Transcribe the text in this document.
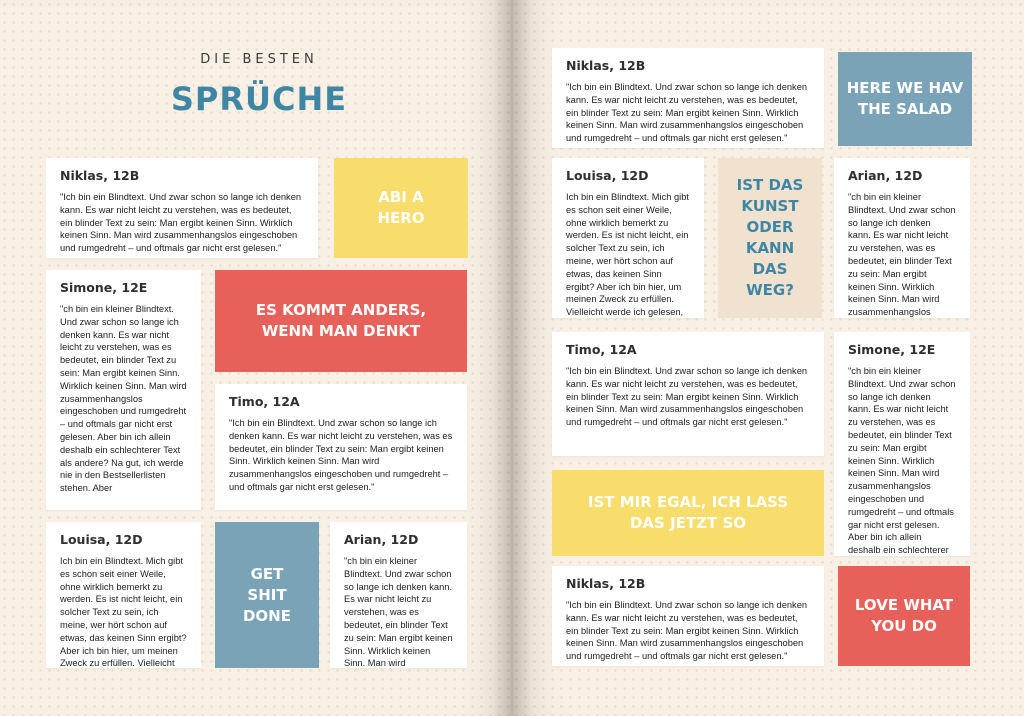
DIE BESTEN
SPRÜCHE
Niklas, 12B

"Ich bin ein Blindtext. Und zwar schon so lange ich denken kann. Es war nicht leicht zu verstehen, was es bedeutet, ein blinder Text zu sein: Man ergibt keinen Sinn. Wirklich keinen Sinn. Man wird zusammenhangslos eingeschoben und rumgedreht – und oftmals gar nicht erst gelesen."

ABI A HERO
Simone, 12E

"ch bin ein kleiner Blindtext. Und zwar schon so lange ich denken kann. Es war nicht leicht zu verstehen, was es bedeutet, ein blinder Text zu sein: Man ergibt keinen Sinn. Wirklich keinen Sinn. Man wird zusammenhangslos eingeschoben und rumgedreht – und oftmals gar nicht erst gelesen. Aber bin ich allein deshalb ein schlechterer Text als andere? Na gut, ich werde nie in den Bestsellerlisten stehen. Aber

ES KOMMT ANDERS, WENN MAN DENKT
Timo, 12A

"Ich bin ein Blindtext. Und zwar schon so lange ich denken kann. Es war nicht leicht zu verstehen, was es bedeutet, ein blinder Text zu sein: Man ergibt keinen Sinn. Wirklich keinen Sinn. Man wird zusammenhangslos eingeschoben und rumgedreht – und oftmals gar nicht erst gelesen."

Louisa, 12D

Ich bin ein Blindtext. Mich gibt es schon seit einer Weile, ohne wirklich bemerkt zu werden. Es ist nicht leicht, ein solcher Text zu sein, ich meine, wer hört schon auf etwas, das keinen Sinn ergibt? Aber ich bin hier, um meinen Zweck zu erfüllen. Vielleicht

GET SHIT DONE
Arian, 12D

"ch bin ein kleiner Blindtext. Und zwar schon so lange ich denken kann. Es war nicht leicht zu verstehen, was es bedeutet, ein blinder Text zu sein: Man ergibt keinen Sinn. Wirklich keinen Sinn. Man wird

Niklas, 12B

"Ich bin ein Blindtext. Und zwar schon so lange ich denken kann. Es war nicht leicht zu verstehen, was es bedeutet, ein blinder Text zu sein: Man ergibt keinen Sinn. Wirklich keinen Sinn. Man wird zusammenhangslos eingeschoben und rumgedreht – und oftmals gar nicht erst gelesen."

HERE WE HAV THE SALAD
Louisa, 12D

Ich bin ein Blindtext. Mich gibt es schon seit einer Weile, ohne wirklich bemerkt zu werden. Es ist nicht leicht, ein solcher Text zu sein, ich meine, wer hört schon auf etwas, das keinen Sinn ergibt? Aber ich bin hier, um meinen Zweck zu erfüllen. Vielleicht werde ich gelesen,

IST DAS KUNST ODER KANN DAS WEG?
Arian, 12D

"ch bin ein kleiner Blindtext. Und zwar schon so lange ich denken kann. Es war nicht leicht zu verstehen, was es bedeutet, ein blinder Text zu sein: Man ergibt keinen Sinn. Wirklich keinen Sinn. Man wird zusammenhangslos

Timo, 12A

"Ich bin ein Blindtext. Und zwar schon so lange ich denken kann. Es war nicht leicht zu verstehen, was es bedeutet, ein blinder Text zu sein: Man ergibt keinen Sinn. Wirklich keinen Sinn. Man wird zusammenhangslos eingeschoben und rumgedreht – und oftmals gar nicht erst gelesen."

Simone, 12E

"ch bin ein kleiner Blindtext. Und zwar schon so lange ich denken kann. Es war nicht leicht zu verstehen, was es bedeutet, ein blinder Text zu sein: Man ergibt keinen Sinn. Wirklich keinen Sinn. Man wird zusammenhangslos eingeschoben und rumgedreht – und oftmals gar nicht erst gelesen. Aber bin ich allein deshalb ein schlechterer

IST MIR EGAL, ICH LASS DAS JETZT SO
Niklas, 12B

"Ich bin ein Blindtext. Und zwar schon so lange ich denken kann. Es war nicht leicht zu verstehen, was es bedeutet, ein blinder Text zu sein: Man ergibt keinen Sinn. Wirklich keinen Sinn. Man wird zusammenhangslos eingeschoben und rumgedreht – und oftmals gar nicht erst gelesen."

LOVE WHAT YOU DO
